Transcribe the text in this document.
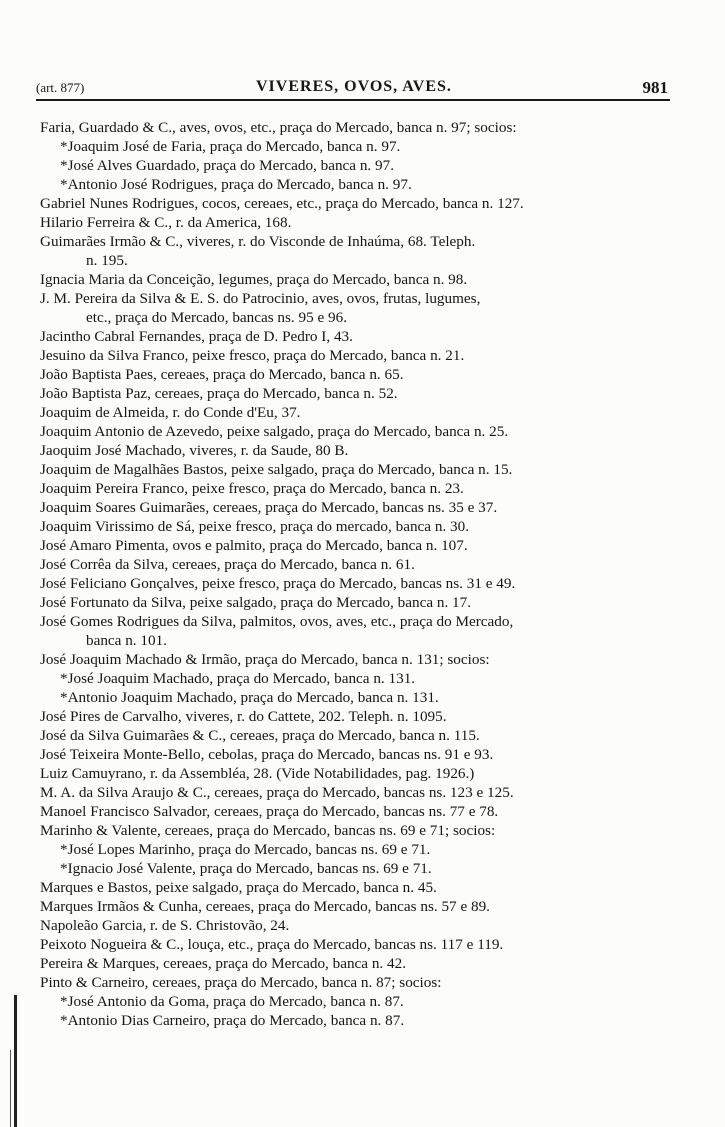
(art. 877)	VIVERES, OVOS, AVES.	981
Faria, Guardado & C., aves, ovos, etc., praça do Mercado, banca n. 97; socios:
*Joaquim José de Faria, praça do Mercado, banca n. 97.
*José Alves Guardado, praça do Mercado, banca n. 97.
*Antonio José Rodrigues, praça do Mercado, banca n. 97.
Gabriel Nunes Rodrigues, cocos, cereaes, etc., praça do Mercado, banca n. 127.
Hilario Ferreira & C., r. da America, 168.
Guimarães Irmão & C., viveres, r. do Visconde de Inhaúma, 68. Teleph.
n. 195.
Ignacia Maria da Conceição, legumes, praça do Mercado, banca n. 98.
J. M. Pereira da Silva & E. S. do Patrocinio, aves, ovos, frutas, lugumes,
etc., praça do Mercado, bancas ns. 95 e 96.
Jacintho Cabral Fernandes, praça de D. Pedro I, 43.
Jesuino da Silva Franco, peixe fresco, praça do Mercado, banca n. 21.
João Baptista Paes, cereaes, praça do Mercado, banca n. 65.
João Baptista Paz, cereaes, praça do Mercado, banca n. 52.
Joaquim de Almeida, r. do Conde d'Eu, 37.
Joaquim Antonio de Azevedo, peixe salgado, praça do Mercado, banca n. 25.
Jaoquim José Machado, viveres, r. da Saude, 80 B.
Joaquim de Magalhães Bastos, peixe salgado, praça do Mercado, banca n. 15.
Joaquim Pereira Franco, peixe fresco, praça do Mercado, banca n. 23.
Joaquim Soares Guimarães, cereaes, praça do Mercado, bancas ns. 35 e 37.
Joaquim Virissimo de Sá, peixe fresco, praça do mercado, banca n. 30.
José Amaro Pimenta, ovos e palmito, praça do Mercado, banca n. 107.
José Corrêa da Silva, cereaes, praça do Mercado, banca n. 61.
José Feliciano Gonçalves, peixe fresco, praça do Mercado, bancas ns. 31 e 49.
José Fortunato da Silva, peixe salgado, praça do Mercado, banca n. 17.
José Gomes Rodrigues da Silva, palmitos, ovos, aves, etc., praça do Mercado,
banca n. 101.
José Joaquim Machado & Irmão, praça do Mercado, banca n. 131; socios:
*José Joaquim Machado, praça do Mercado, banca n. 131.
*Antonio Joaquim Machado, praça do Mercado, banca n. 131.
José Pires de Carvalho, viveres, r. do Cattete, 202. Teleph. n. 1095.
José da Silva Guimarães & C., cereaes, praça do Mercado, banca n. 115.
José Teixeira Monte-Bello, cebolas, praça do Mercado, bancas ns. 91 e 93.
Luiz Camuyrano, r. da Assembléa, 28. (Vide Notabilidades, pag. 1926.)
M. A. da Silva Araujo & C., cereaes, praça do Mercado, bancas ns. 123 e 125.
Manoel Francisco Salvador, cereaes, praça do Mercado, bancas ns. 77 e 78.
Marinho & Valente, cereaes, praça do Mercado, bancas ns. 69 e 71; socios:
*José Lopes Marinho, praça do Mercado, bancas ns. 69 e 71.
*Ignacio José Valente, praça do Mercado, bancas ns. 69 e 71.
Marques e Bastos, peixe salgado, praça do Mercado, banca n. 45.
Marques Irmãos & Cunha, cereaes, praça do Mercado, bancas ns. 57 e 89.
Napoleão Garcia, r. de S. Christovão, 24.
Peixoto Nogueira & C., louça, etc., praça do Mercado, bancas ns. 117 e 119.
Pereira & Marques, cereaes, praça do Mercado, banca n. 42.
Pinto & Carneiro, cereaes, praça do Mercado, banca n. 87; socios:
*José Antonio da Goma, praça do Mercado, banca n. 87.
*Antonio Dias Carneiro, praça do Mercado, banca n. 87.
